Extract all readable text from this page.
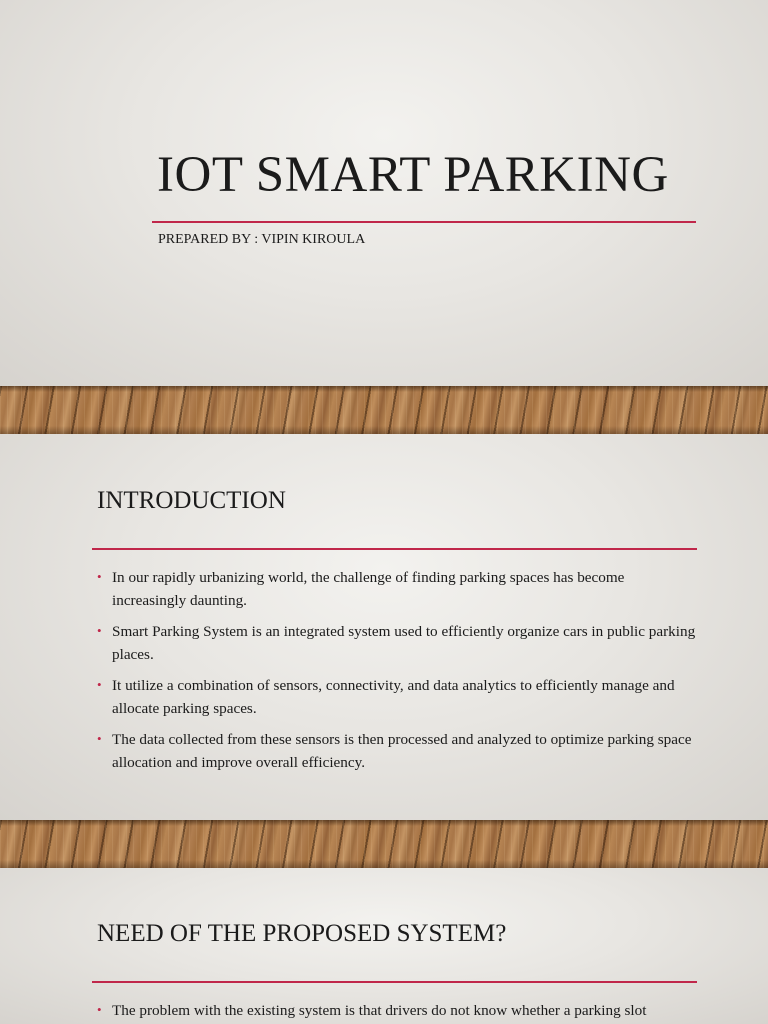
IOT SMART PARKING
PREPARED BY : VIPIN KIROULA
INTRODUCTION
• In our rapidly urbanizing world, the challenge of finding parking spaces has become increasingly daunting.
• Smart Parking System is an integrated system used to efficiently organize cars in public parking places.
• It utilize a combination of sensors, connectivity, and data analytics to efficiently manage and allocate parking spaces.
• The data collected from these sensors is then processed and analyzed to optimize parking space allocation and improve overall efficiency.
NEED OF THE PROPOSED SYSTEM?
• The problem with the existing system is that drivers do not know whether a parking slot
